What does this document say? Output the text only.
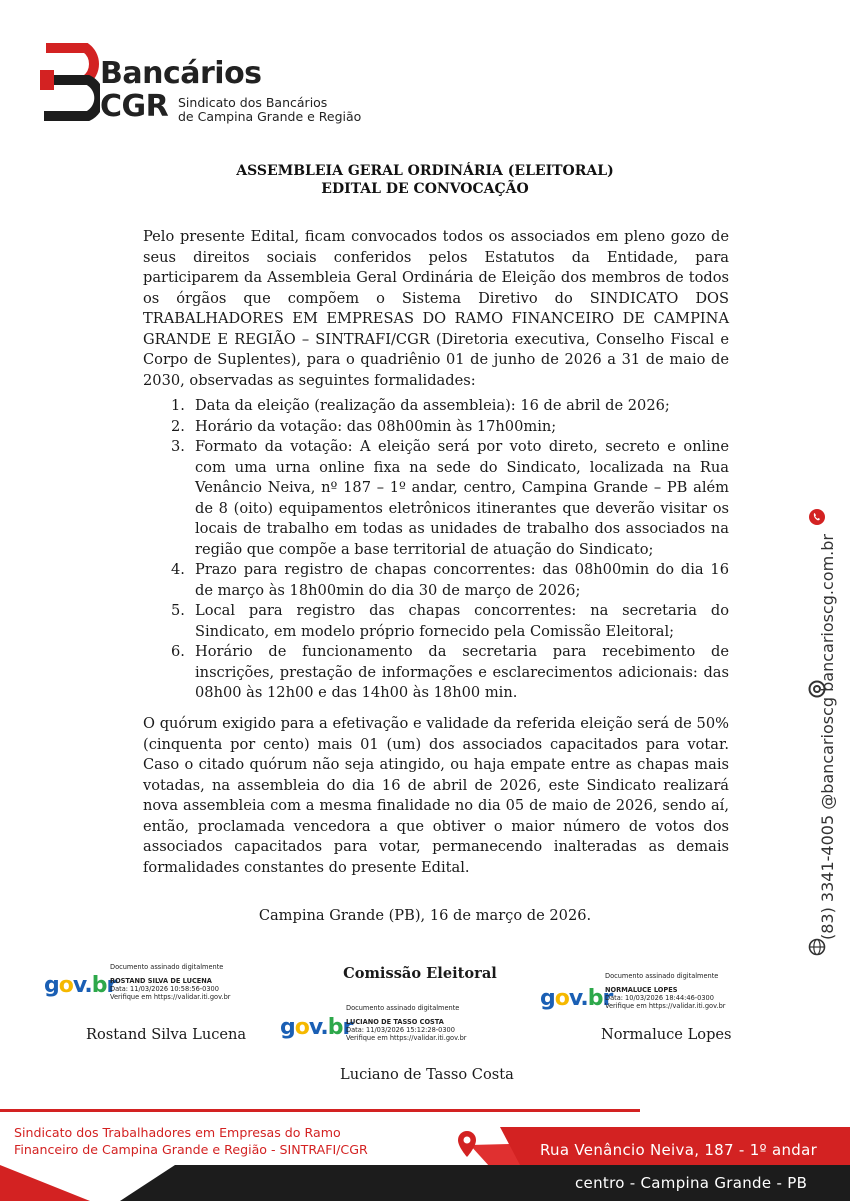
Bancários
CGR Sindicato dos Bancários
de Campina Grande e Região
ASSEMBLEIA GERAL ORDINÁRIA (ELEITORAL)
EDITAL DE CONVOCAÇÃO
Pelo presente Edital, ficam convocados todos os associados em pleno gozo de seus direitos sociais conferidos pelos Estatutos da Entidade, para participarem da Assembleia Geral Ordinária de Eleição dos membros de todos os órgãos que compõem o Sistema Diretivo do SINDICATO DOS TRABALHADORES EM EMPRESAS DO RAMO FINANCEIRO DE CAMPINA GRANDE E REGIÃO – SINTRAFI/CGR (Diretoria executiva, Conselho Fiscal e Corpo de Suplentes), para o quadriênio 01 de junho de 2026 a 31 de maio de 2030, observadas as seguintes formalidades:
1. Data da eleição (realização da assembleia): 16 de abril de 2026;
2. Horário da votação: das 08h00min às 17h00min;
3. Formato da votação: A eleição será por voto direto, secreto e online com uma urna online fixa na sede do Sindicato, localizada na Rua Venâncio Neiva, nº 187 – 1º andar, centro, Campina Grande – PB além de 8 (oito) equipamentos eletrônicos itinerantes que deverão visitar os locais de trabalho em todas as unidades de trabalho dos associados na região que compõe a base territorial de atuação do Sindicato;
4. Prazo para registro de chapas concorrentes: das 08h00min do dia 16 de março às 18h00min do dia 30 de março de 2026;
5. Local para registro das chapas concorrentes: na secretaria do Sindicato, em modelo próprio fornecido pela Comissão Eleitoral;
6. Horário de funcionamento da secretaria para recebimento de inscrições, prestação de informações e esclarecimentos adicionais: das 08h00 às 12h00 e das 14h00 às 18h00 min.
O quórum exigido para a efetivação e validade da referida eleição será de 50% (cinquenta por cento) mais 01 (um) dos associados capacitados para votar. Caso o citado quórum não seja atingido, ou haja empate entre as chapas mais votadas, na assembleia do dia 16 de abril de 2026, este Sindicato realizará nova assembleia com a mesma finalidade no dia 05 de maio de 2026, sendo aí, então, proclamada vencedora a que obtiver o maior número de votos dos associados capacitados para votar, permanecendo inalteradas as demais formalidades constantes do presente Edital.
Campina Grande (PB), 16 de março de 2026.
Comissão Eleitoral
gov.br
Documento assinado digitalmente
ROSTAND SILVA DE LUCENA
Data: 11/03/2026 10:58:56-0300
Verifique em https://validar.iti.gov.br
Rostand Silva Lucena gov.br
Documento assinado digitalmente
LUCIANO DE TASSO COSTA
Data: 11/03/2026 15:12:28-0300
Verifique em https://validar.iti.gov.br
Luciano de Tasso Costa
gov.br
Documento assinado digitalmente
NORMALUCE LOPES
Data: 10/03/2026 18:44:46-0300
Verifique em https://validar.iti.gov.br
Normaluce Lopes
(83) 3341-4005 @bancarioscg bancarioscg.com.br
Sindicato dos Trabalhadores em Empresas do Ramo
Financeiro de Campina Grande e Região - SINTRAFI/CGR	Rua Venâncio Neiva, 187 - 1º andar
centro - Campina Grande - PB
